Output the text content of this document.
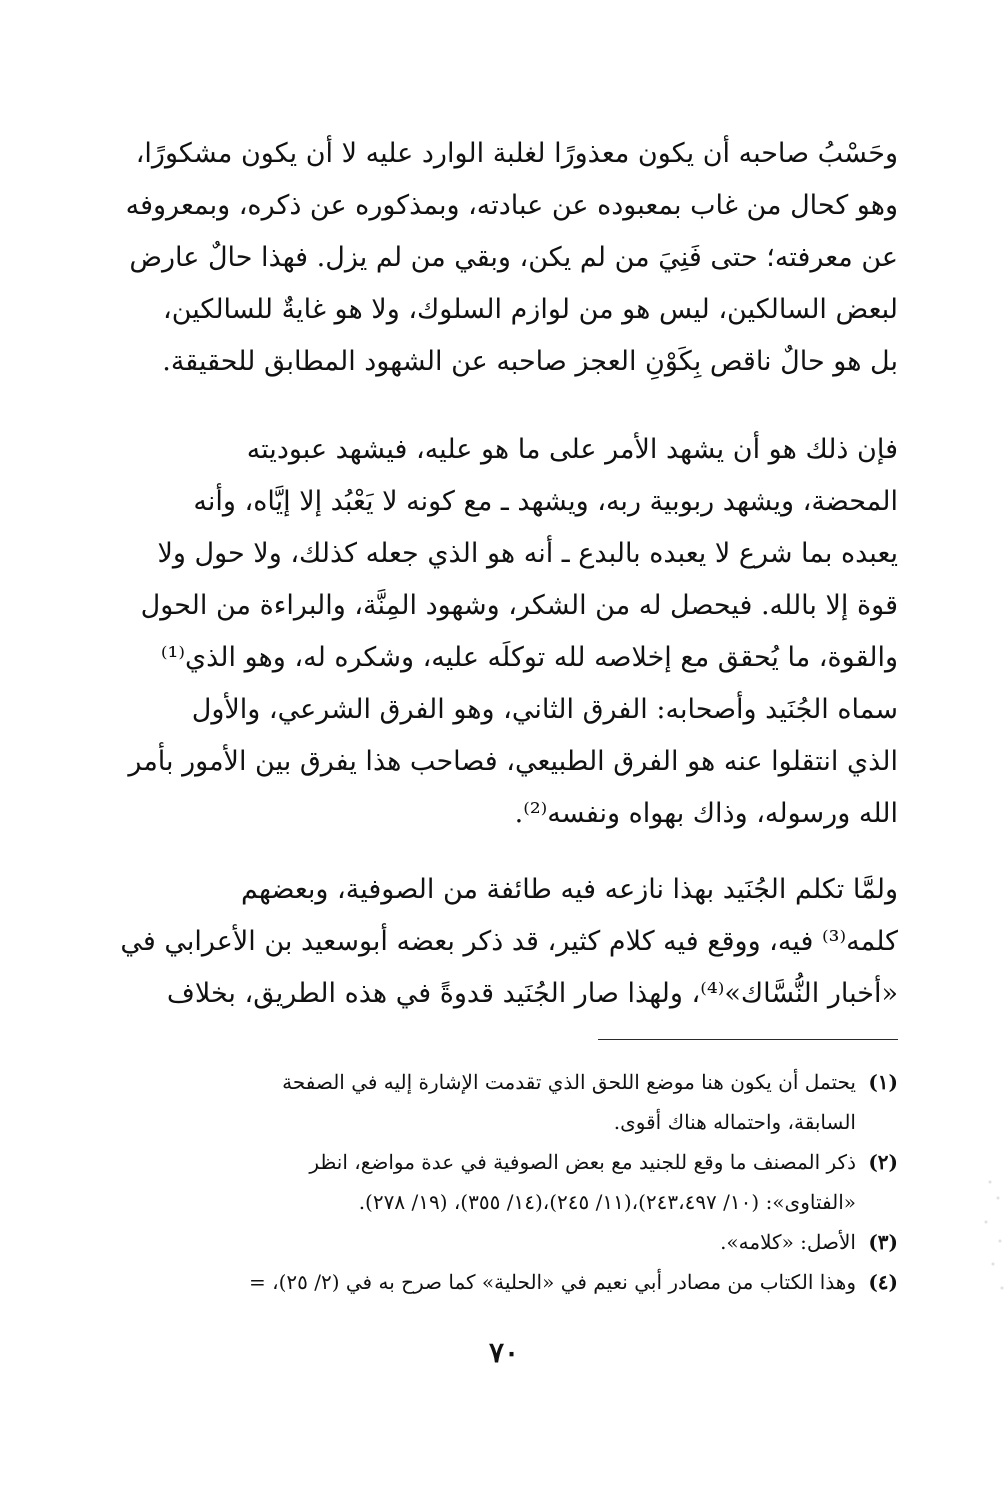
وحَسْبُ صاحبه أن يكون معذورًا لغلبة الوارد عليه لا أن يكون مشكورًا،
وهو كحال من غاب بمعبوده عن عبادته، وبمذكوره عن ذكره، وبمعروفه
عن معرفته؛ حتى فَنِيَ من لم يكن، وبقي من لم يزل. فهذا حالٌ عارض
لبعض السالكين، ليس هو من لوازم السلوك، ولا هو غايةٌ للسالكين،
بل هو حالٌ ناقص بِكَوْنِ العجز صاحبه عن الشهود المطابق للحقيقة.
فإن ذلك هو أن يشهد الأمر على ما هو عليه، فيشهد عبوديته
المحضة، ويشهد ربوبية ربه، ويشهد ـ مع كونه لا يَعْبُد إلا إيَّاه، وأنه
يعبده بما شرع لا يعبده بالبدع ـ أنه هو الذي جعله كذلك، ولا حول ولا
قوة إلا بالله. فيحصل له من الشكر، وشهود المِنَّة، والبراءة من الحول
والقوة، ما يُحقق مع إخلاصه لله توكلَه عليه، وشكره له، وهو الذي⁽¹⁾
سماه الجُنَيد وأصحابه: الفرق الثاني، وهو الفرق الشرعي، والأول
الذي انتقلوا عنه هو الفرق الطبيعي، فصاحب هذا يفرق بين الأمور بأمر
الله ورسوله، وذاك بهواه ونفسه⁽²⁾.
ولمَّا تكلم الجُنَيد بهذا نازعه فيه طائفة من الصوفية، وبعضهم
كلمه⁽³⁾ فيه، ووقع فيه كلام كثير، قد ذكر بعضه أبوسعيد بن الأعرابي في
«أخبار النُّسَّاك»⁽⁴⁾، ولهذا صار الجُنَيد قدوةً في هذه الطريق، بخلاف
(١)
يحتمل أن يكون هنا موضع اللحق الذي تقدمت الإشارة إليه في الصفحة
السابقة، واحتماله هناك أقوى.
(٢)
ذكر المصنف ما وقع للجنيد مع بعض الصوفية في عدة مواضع، انظر
«الفتاوى»: (١٠/ ٢٤٣،٤٩٧)،(١١/ ٢٤٥)،(١٤/ ٣٥٥)، (١٩/ ٢٧٨).
(٣)
الأصل: «كلامه».
(٤)
وهذا الكتاب من مصادر أبي نعيم في «الحلية» كما صرح به في (٢/ ٢٥)، =
٧٠
